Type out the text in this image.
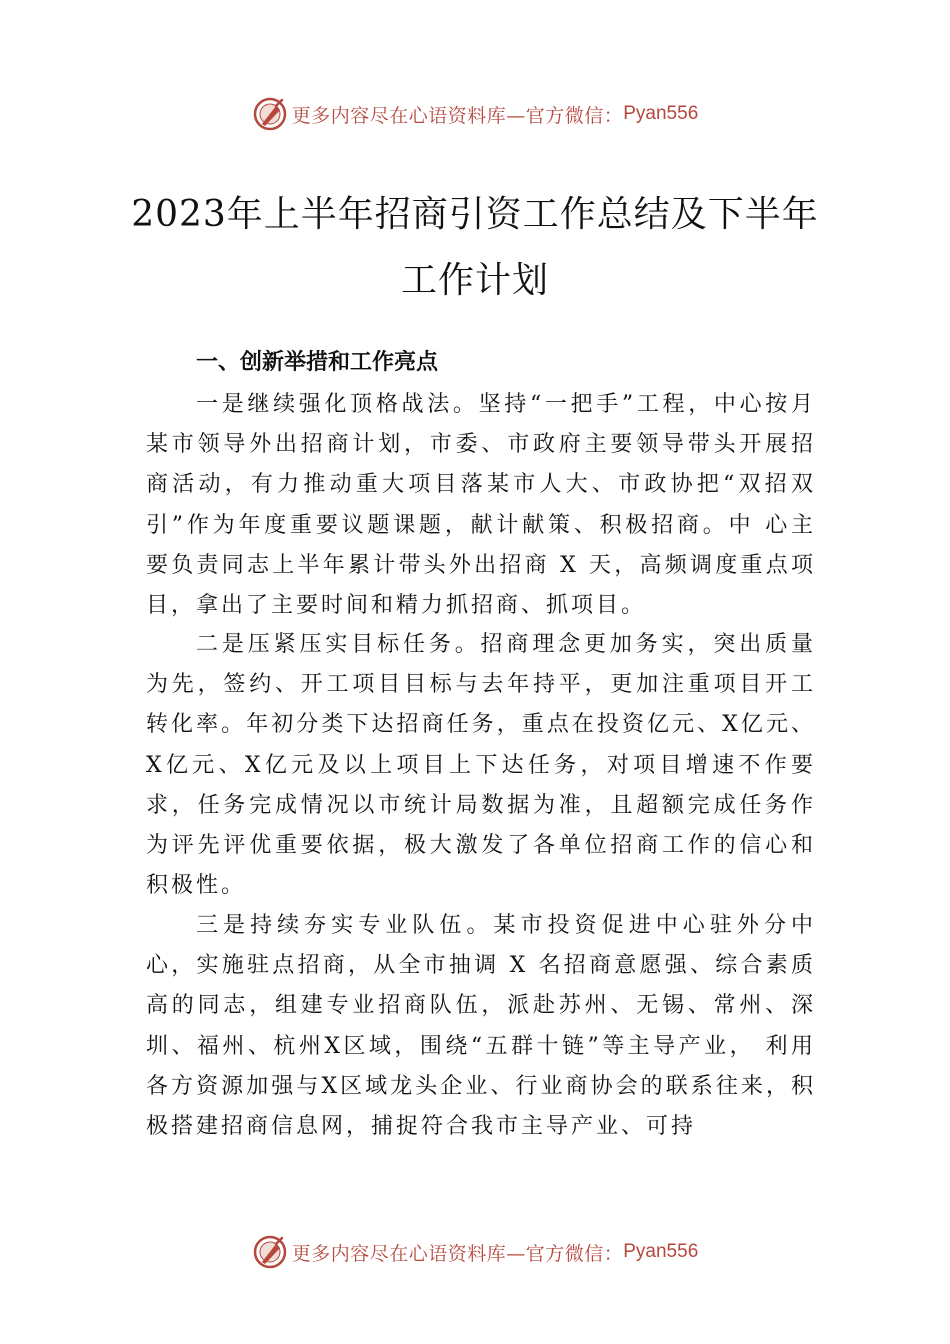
更多内容尽在心语资料库—官方微信： Pyan556
2023年上半年招商引资工作总结及下半年
工作计划
一、创新举措和工作亮点

一是继续强化顶格战法。坚持“一把手”工程，中心按月某市领导外出招商计划，市委、市政府主要领导带头开展招商活动，有力推动重大项目落某市人大、市政协把“双招双引”作为年度重要议题课题，献计献策、积极招商。中 心主要负责同志上半年累计带头外出招商 X 天，高频调度重点项目，拿出了主要时间和精力抓招商、抓项目。

二是压紧压实目标任务。招商理念更加务实，突出质量为先，签约、开工项目目标与去年持平，更加注重项目开工转化率。年初分类下达招商任务，重点在投资亿元、X亿元、X亿元、X亿元及以上项目上下达任务，对项目增速不作要求，任务完成情况以市统计局数据为准，且超额完成任务作为评先评优重要依据，极大激发了各单位招商工作的信心和积极性。

三是持续夯实专业队伍。某市投资促进中心驻外分中心，实施驻点招商，从全市抽调 X 名招商意愿强、综合素质高的同志，组建专业招商队伍，派赴苏州、无锡、常州、深圳、福州、杭州X区域，围绕“五群十链”等主导产业， 利用各方资源加强与X区域龙头企业、行业商协会的联系往来，积极搭建招商信息网，捕捉符合我市主导产业、可持

更多内容尽在心语资料库—官方微信： Pyan556
